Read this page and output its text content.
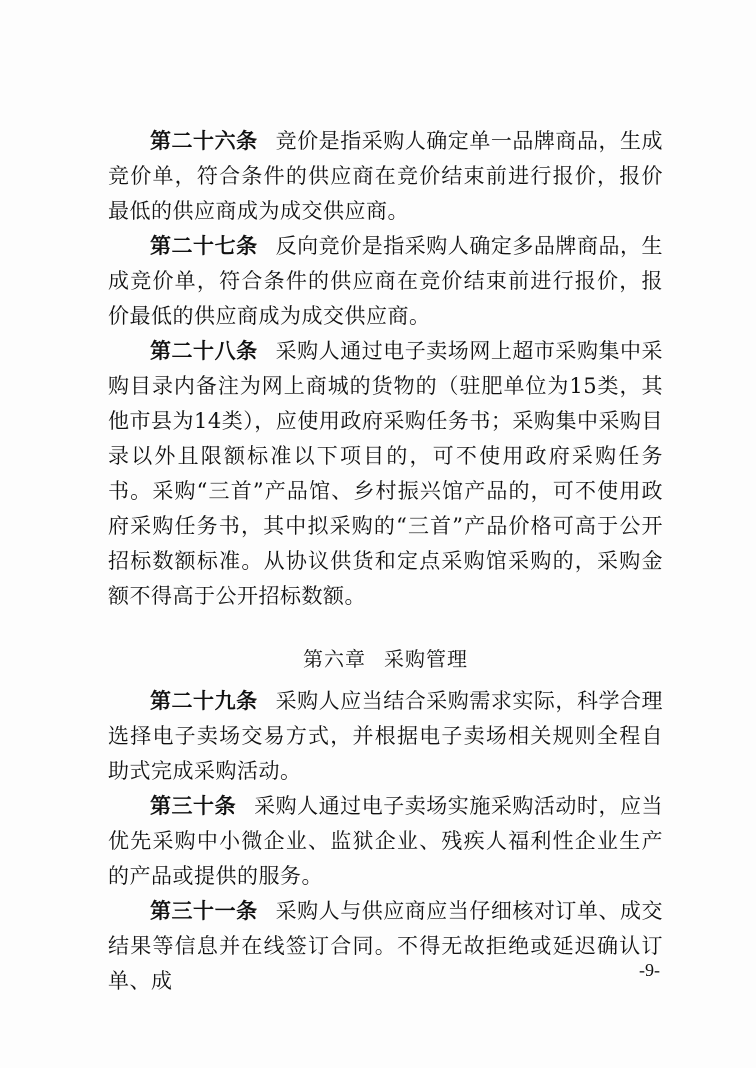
第二十六条 竞价是指采购人确定单一品牌商品，生成竞价单，符合条件的供应商在竞价结束前进行报价，报价最低的供应商成为成交供应商。

第二十七条 反向竞价是指采购人确定多品牌商品，生成竞价单，符合条件的供应商在竞价结束前进行报价，报价最低的供应商成为成交供应商。

第二十八条 采购人通过电子卖场网上超市采购集中采购目录内备注为网上商城的货物的（驻肥单位为15类，其他市县为14类），应使用政府采购任务书；采购集中采购目录以外且限额标准以下项目的，可不使用政府采购任务书。采购“三首”产品馆、乡村振兴馆产品的，可不使用政府采购任务书，其中拟采购的“三首”产品价格可高于公开招标数额标准。从协议供货和定点采购馆采购的，采购金额不得高于公开招标数额。

第六章 采购管理

第二十九条 采购人应当结合采购需求实际，科学合理选择电子卖场交易方式，并根据电子卖场相关规则全程自助式完成采购活动。

第三十条 采购人通过电子卖场实施采购活动时，应当优先采购中小微企业、监狱企业、残疾人福利性企业生产的产品或提供的服务。

第三十一条 采购人与供应商应当仔细核对订单、成交结果等信息并在线签订合同。不得无故拒绝或延迟确认订单、成	-9-
